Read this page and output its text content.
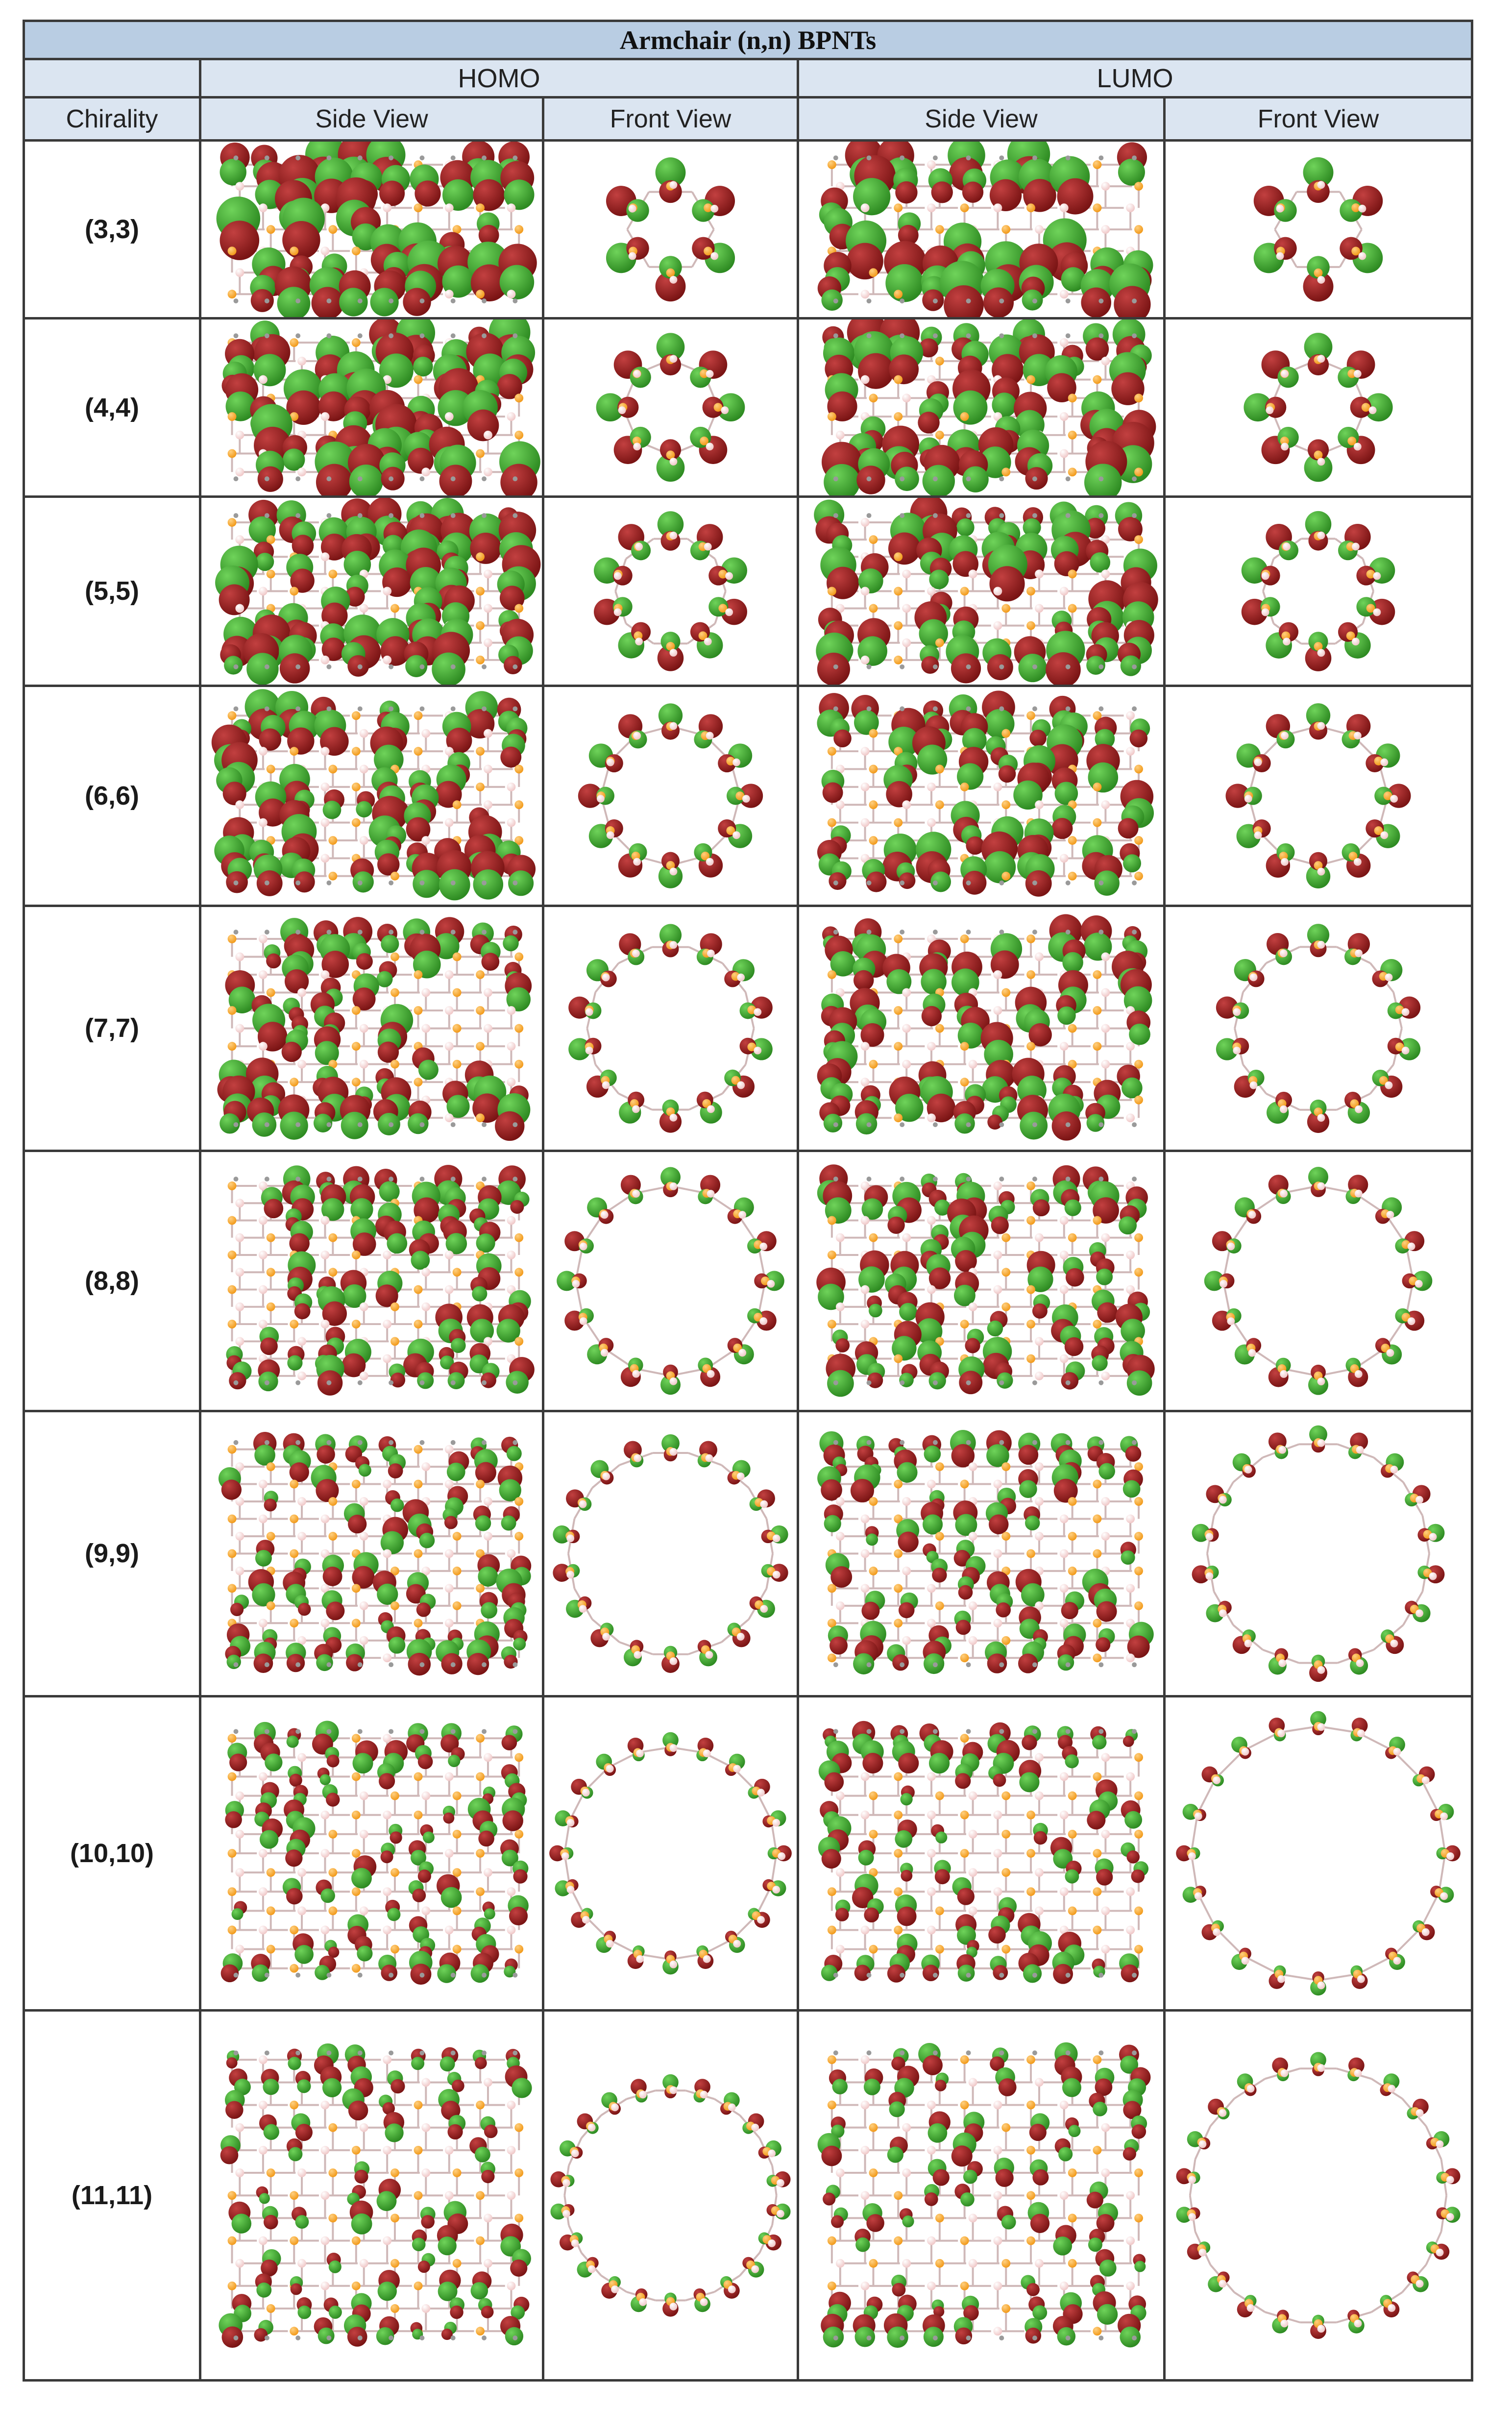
Armchair (n,n) BPNTs				
	HOMO		LUMO	
Chirality	Side View	Front View	Side View	Front View
(3,3)	

(4,4)	

(5,5)	

(6,6)	

(7,7)	

(8,8)	

(9,9)	

(10,10)	

(11,11)	
